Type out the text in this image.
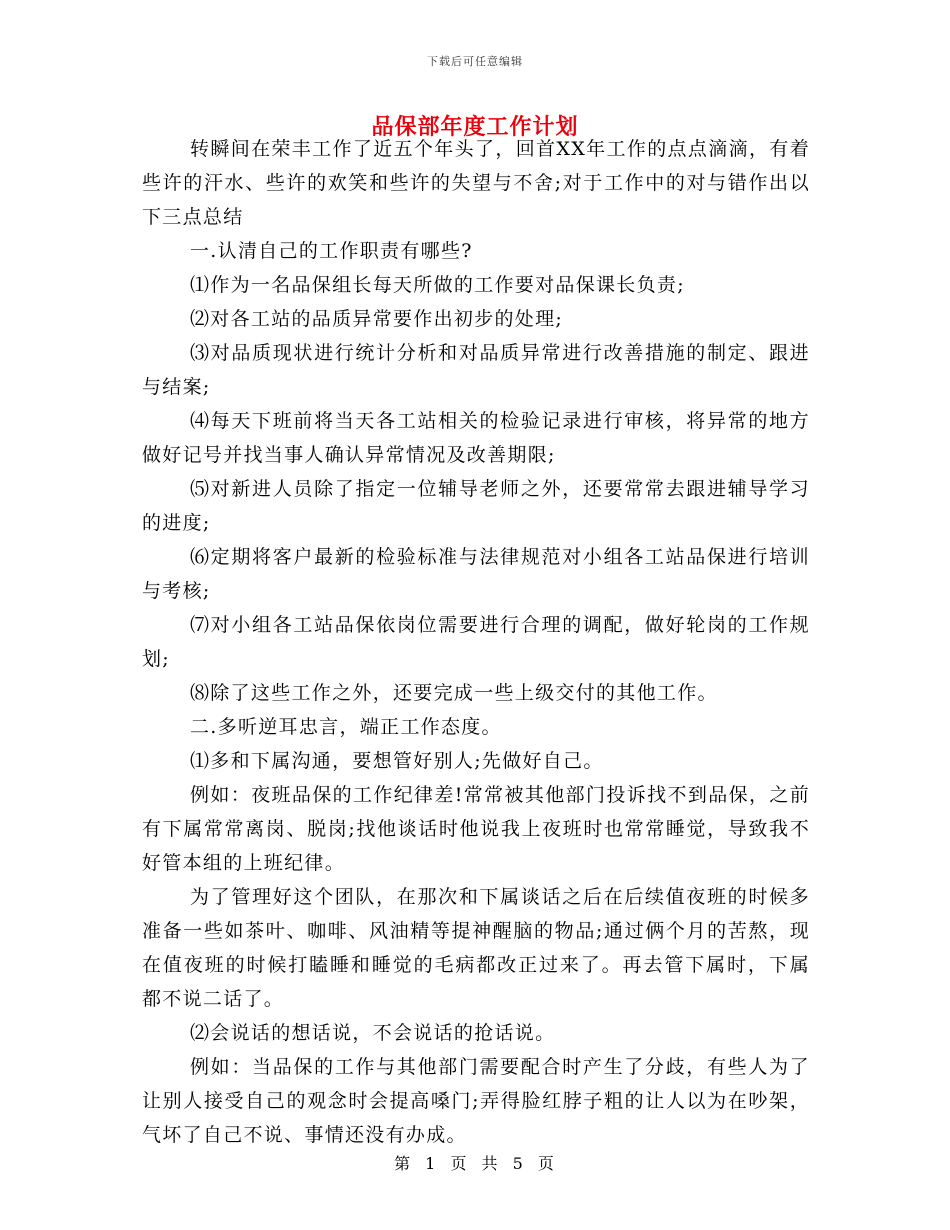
下载后可任意编辑
品保部年度工作计划

转瞬间在荣丰工作了近五个年头了，回首XX年工作的点点滴滴，有着些许的汗水、些许的欢笑和些许的失望与不舍;对于工作中的对与错作出以下三点总结

一.认清自己的工作职责有哪些?

⑴作为一名品保组长每天所做的工作要对品保课长负责;

⑵对各工站的品质异常要作出初步的处理;

⑶对品质现状进行统计分析和对品质异常进行改善措施的制定、跟进与结案;

⑷每天下班前将当天各工站相关的检验记录进行审核，将异常的地方做好记号并找当事人确认异常情况及改善期限;

⑸对新进人员除了指定一位辅导老师之外，还要常常去跟进辅导学习的进度;

⑹定期将客户最新的检验标准与法律规范对小组各工站品保进行培训与考核;

⑺对小组各工站品保依岗位需要进行合理的调配，做好轮岗的工作规划;

⑻除了这些工作之外，还要完成一些上级交付的其他工作。

二.多听逆耳忠言，端正工作态度。

⑴多和下属沟通，要想管好别人;先做好自己。

例如：夜班品保的工作纪律差!常常被其他部门投诉找不到品保，之前有下属常常离岗、脱岗;找他谈话时他说我上夜班时也常常睡觉，导致我不好管本组的上班纪律。

为了管理好这个团队，在那次和下属谈话之后在后续值夜班的时候多准备一些如茶叶、咖啡、风油精等提神醒脑的物品;通过俩个月的苦熬，现在值夜班的时候打瞌睡和睡觉的毛病都改正过来了。再去管下属时，下属都不说二话了。

⑵会说话的想话说，不会说话的抢话说。

例如：当品保的工作与其他部门需要配合时产生了分歧，有些人为了让别人接受自己的观念时会提高嗓门;弄得脸红脖子粗的让人以为在吵架，气坏了自己不说、事情还没有办成。

第 1 页 共 5 页
